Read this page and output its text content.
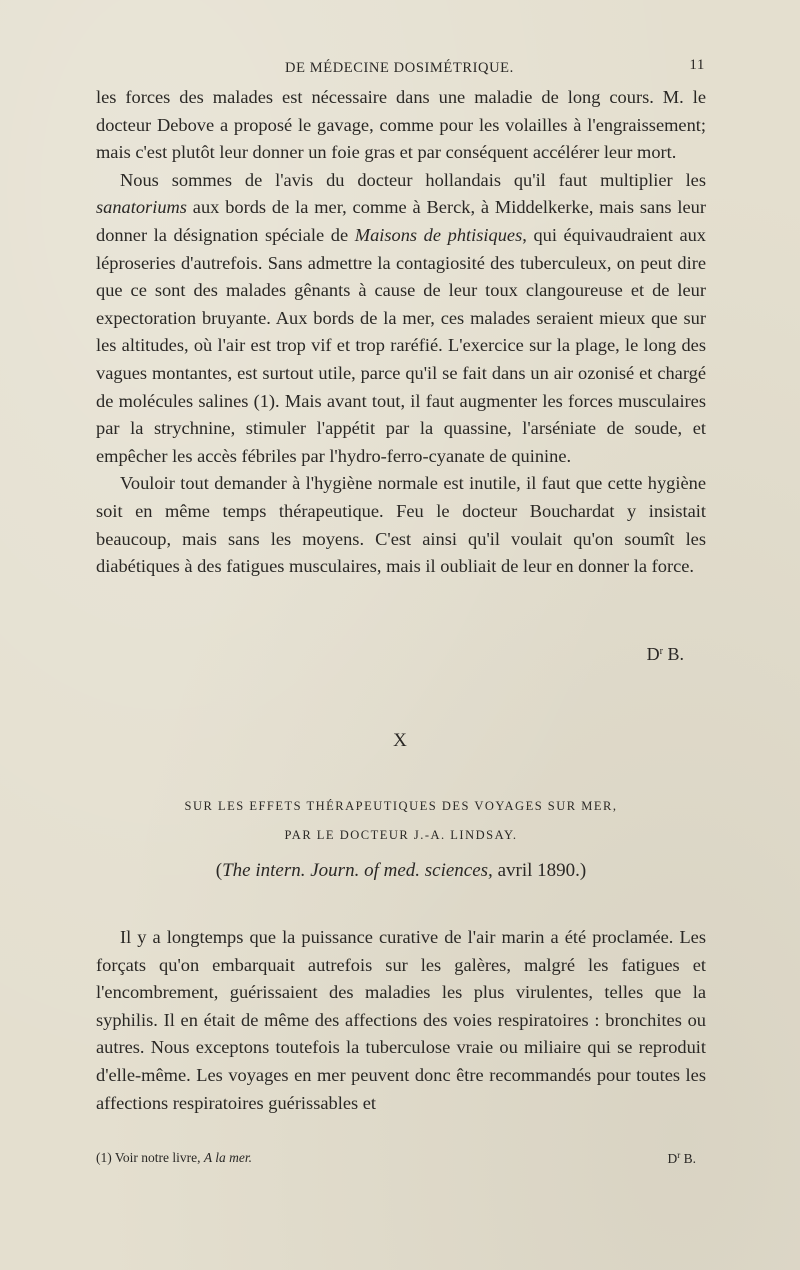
DE MÉDECINE DOSIMÉTRIQUE.	11

les forces des malades est nécessaire dans une maladie de long cours. M. le docteur Debove a proposé le gavage, comme pour les volailles à l'engraissement; mais c'est plutôt leur donner un foie gras et par conséquent accélérer leur mort.

Nous sommes de l'avis du docteur hollandais qu'il faut multiplier les sanatoriums aux bords de la mer, comme à Berck, à Middelkerke, mais sans leur donner la désignation spéciale de Maisons de phtisiques, qui équivaudraient aux léproseries d'autrefois. Sans admettre la contagiosité des tuberculeux, on peut dire que ce sont des malades gênants à cause de leur toux clangoureuse et de leur expectoration bruyante. Aux bords de la mer, ces malades seraient mieux que sur les altitudes, où l'air est trop vif et trop raréfié. L'exercice sur la plage, le long des vagues montantes, est surtout utile, parce qu'il se fait dans un air ozonisé et chargé de molécules salines (1). Mais avant tout, il faut augmenter les forces musculaires par la strychnine, stimuler l'appétit par la quassine, l'arséniate de soude, et empêcher les accès fébriles par l'hydro-ferro-cyanate de quinine.

Vouloir tout demander à l'hygiène normale est inutile, il faut que cette hygiène soit en même temps thérapeutique. Feu le docteur Bouchardat y insistait beaucoup, mais sans les moyens. C'est ainsi qu'il voulait qu'on soumît les diabétiques à des fatigues musculaires, mais il oubliait de leur en donner la force.

$D^r$ B.
X
SUR LES EFFETS THÉRAPEUTIQUES DES VOYAGES SUR MER,
PAR LE DOCTEUR J.-A. LINDSAY.
(The intern. Journ. of med. sciences, avril 1890.)

Il y a longtemps que la puissance curative de l'air marin a été proclamée. Les forçats qu'on embarquait autrefois sur les galères, malgré les fatigues et l'encombrement, guérissaient des maladies les plus virulentes, telles que la syphilis. Il en était de même des affections des voies respiratoires : bronchites ou autres. Nous exceptons toutefois la tuberculose vraie ou miliaire qui se reproduit d'elle-même. Les voyages en mer peuvent donc être recommandés pour toutes les affections respiratoires guérissables et

(1) Voir notre livre, A la mer.	$D^r$ B.
